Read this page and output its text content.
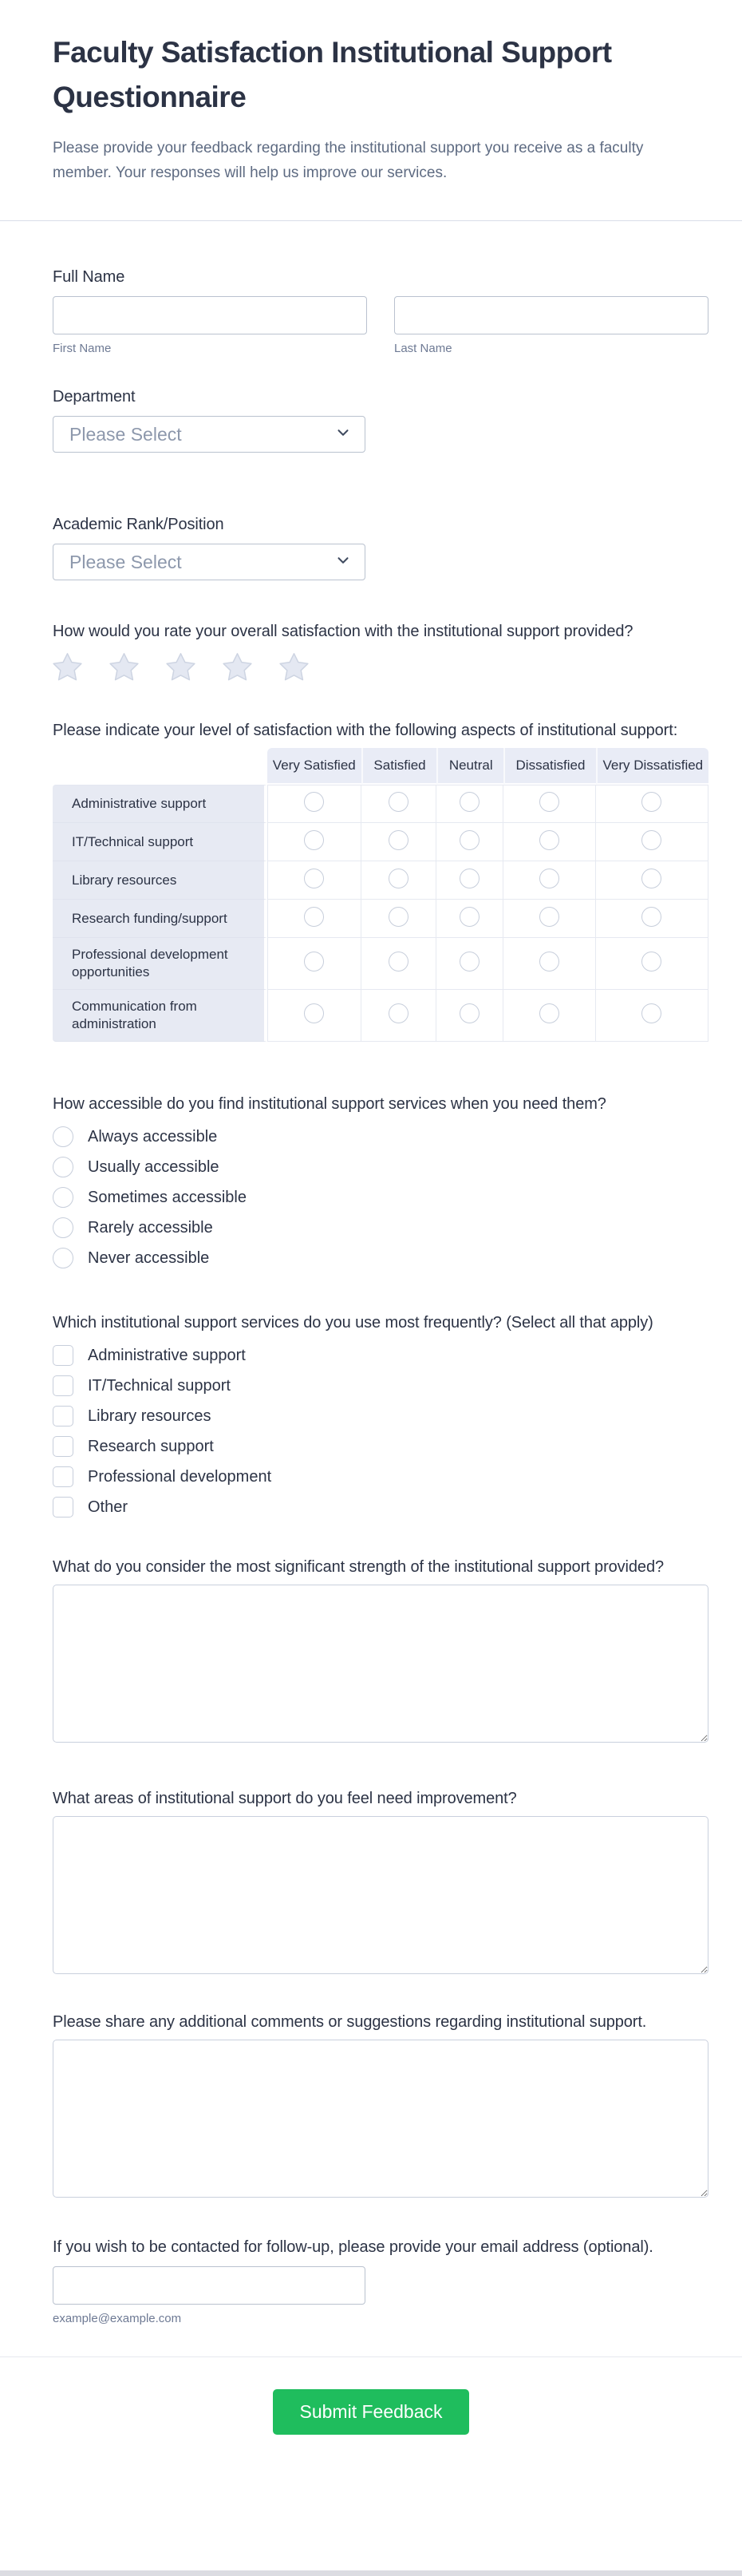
Faculty Satisfaction Institutional Support Questionnaire

Please provide your feedback regarding the institutional support you receive as a faculty member. Your responses will help us improve our services.

Full Name
First Name	Last Name
Department
Please Select
Academic Rank/Position
Please Select
How would you rate your overall satisfaction with the institutional support provided?
Please indicate your level of satisfaction with the following aspects of institutional support:
	Very Satisfied	Satisfied	Neutral	Dissatisfied	Very Dissatisfied
Administrative support					
IT/Technical support					
Library resources					
Research funding/support					
Professional development opportunities					
Communication from administration					
How accessible do you find institutional support services when you need them?
Always accessible
Usually accessible
Sometimes accessible
Rarely accessible
Never accessible
Which institutional support services do you use most frequently? (Select all that apply)
Administrative support
IT/Technical support
Library resources
Research support
Professional development
Other
What do you consider the most significant strength of the institutional support provided?
What areas of institutional support do you feel need improvement?
Please share any additional comments or suggestions regarding institutional support.
If you wish to be contacted for follow-up, please provide your email address (optional).
example@example.com
Submit Feedback
